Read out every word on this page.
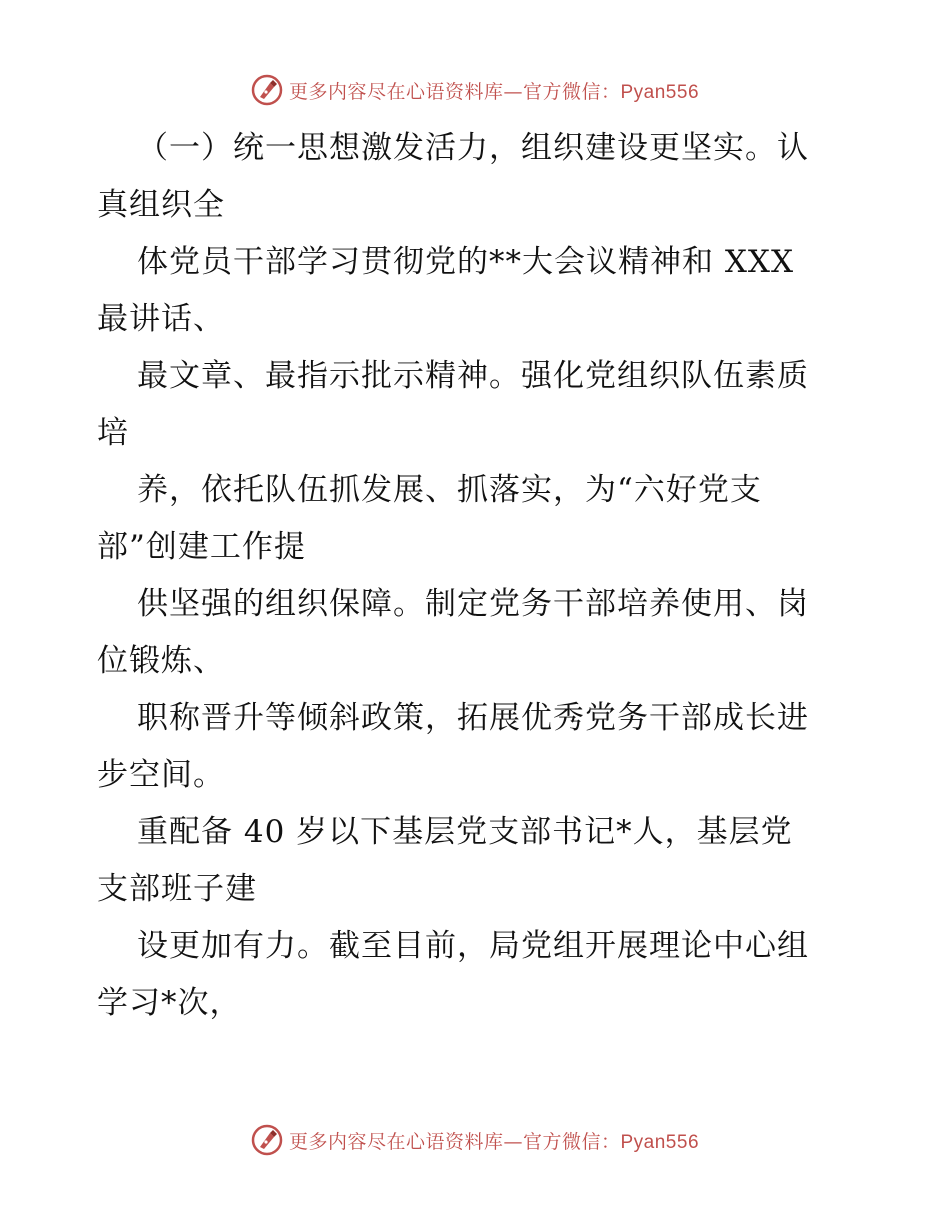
更多内容尽在心语资料库—官方微信：Pyan556
（一）统一思想激发活力，组织建设更坚实。认
真组织全
体党员干部学习贯彻党的**大会议精神和 XXX
最讲话、
最文章、最指示批示精神。强化党组织队伍素质
培
养，依托队伍抓发展、抓落实，为“六好党支
部”创建工作提
供坚强的组织保障。制定党务干部培养使用、岗
位锻炼、
职称晋升等倾斜政策，拓展优秀党务干部成长进
步空间。
重配备 40 岁以下基层党支部书记*人，基层党
支部班子建
设更加有力。截至目前，局党组开展理论中心组
学习*次，
更多内容尽在心语资料库—官方微信：Pyan556
